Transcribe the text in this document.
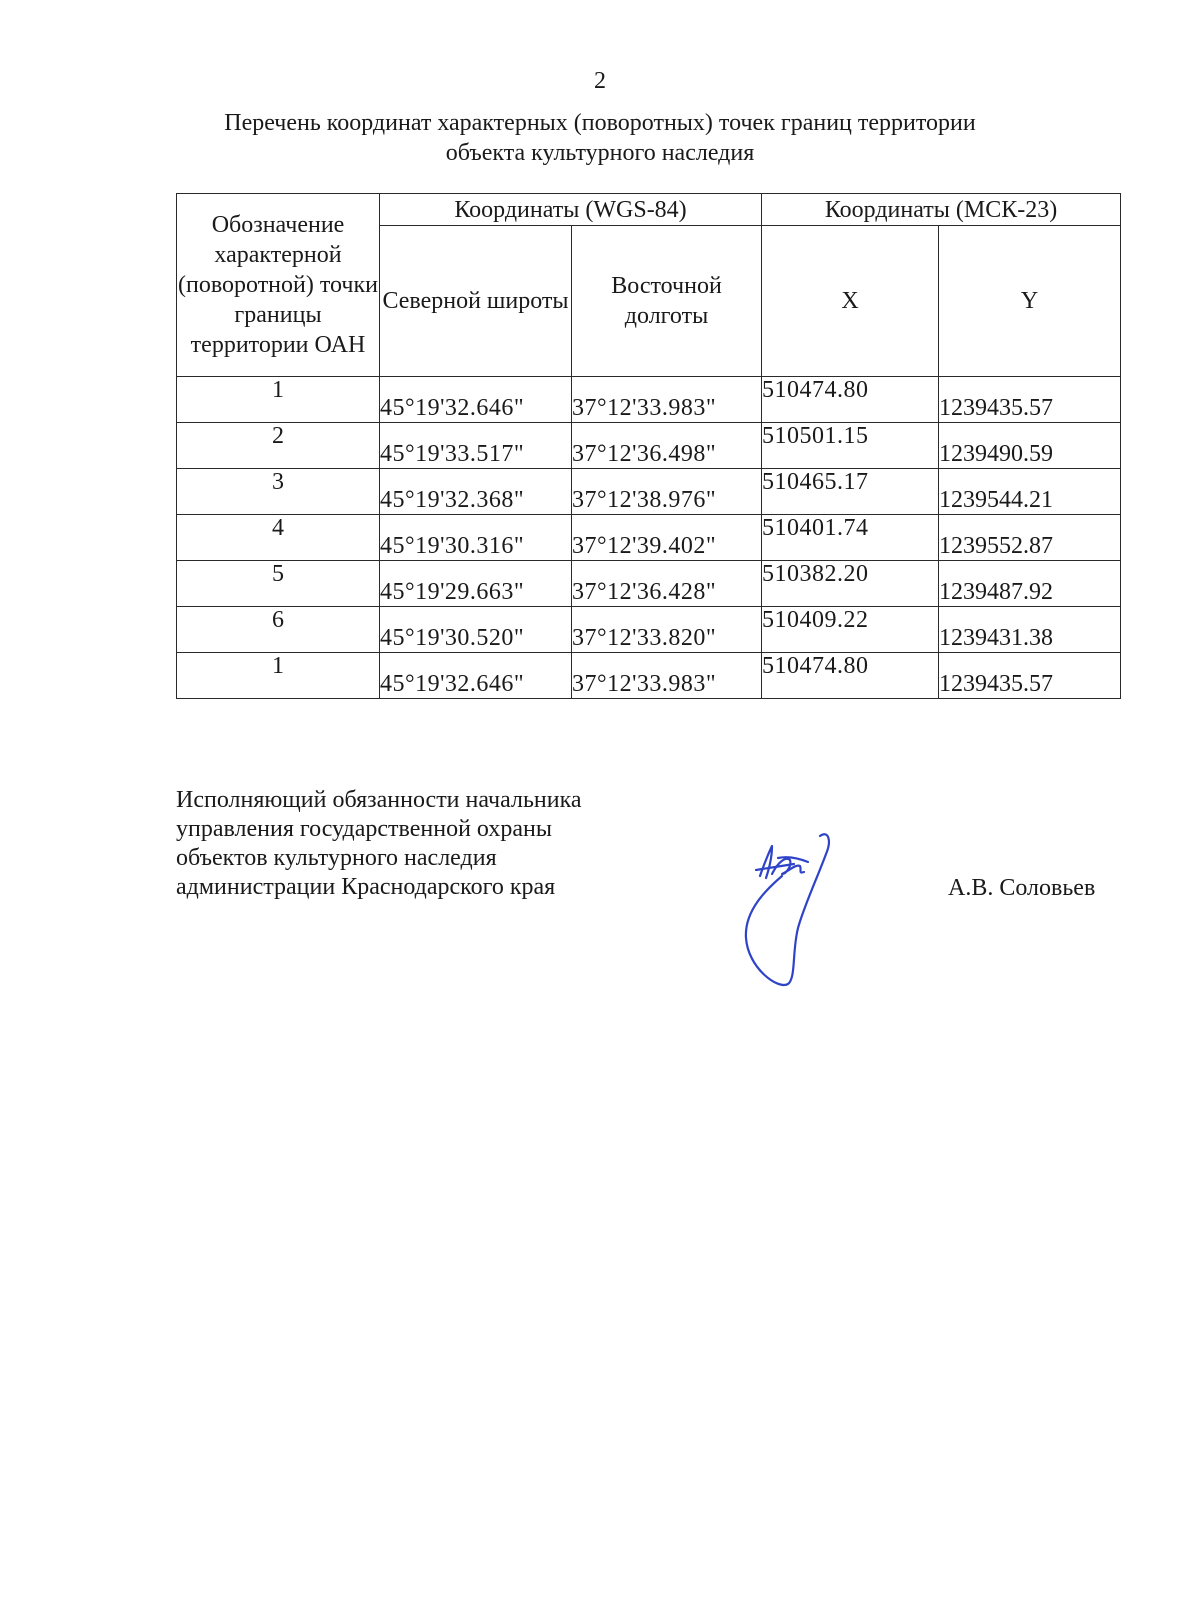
2
Перечень координат характерных (поворотных) точек границ территории
объекта культурного наследия
Обозначение характерной (поворотной) точки границы территории ОАН	Координаты (WGS-84)		Координаты (МСК-23)	
	Северной широты	Восточной долготы	X	Y
1	45°19'32.646"	37°12'33.983"	510474.80	1239435.57
2	45°19'33.517"	37°12'36.498"	510501.15	1239490.59
3	45°19'32.368"	37°12'38.976"	510465.17	1239544.21
4	45°19'30.316"	37°12'39.402"	510401.74	1239552.87
5	45°19'29.663"	37°12'36.428"	510382.20	1239487.92
6	45°19'30.520"	37°12'33.820"	510409.22	1239431.38
1	45°19'32.646"	37°12'33.983"	510474.80	1239435.57
Исполняющий обязанности начальника
управления государственной охраны
объектов культурного наследия
администрации Краснодарского края	А.В. Соловьев
